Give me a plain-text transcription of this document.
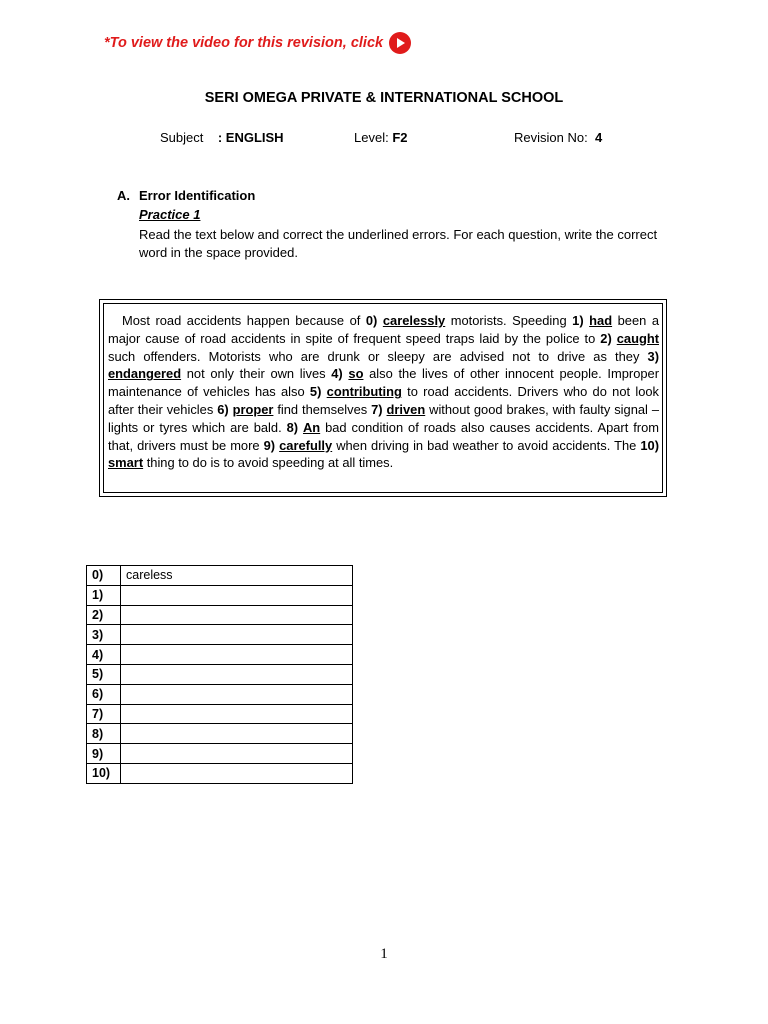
*To view the video for this revision, click
SERI OMEGA PRIVATE & INTERNATIONAL SCHOOL
Subject : ENGLISH	Level: F2	Revision No: 4
A. Error Identification
Practice 1
Read the text below and correct the underlined errors. For each question, write the correct word in the space provided.
Most road accidents happen because of 0) carelessly motorists. Speeding 1) had been a major cause of road accidents in spite of frequent speed traps laid by the police to 2) caught such offenders. Motorists who are drunk or sleepy are advised not to drive as they 3) endangered not only their own lives 4) so also the lives of other innocent people. Improper maintenance of vehicles has also 5) contributing to road accidents. Drivers who do not look after their vehicles 6) proper find themselves 7) driven without good brakes, with faulty signal – lights or tyres which are bald. 8) An bad condition of roads also causes accidents. Apart from that, drivers must be more 9) carefully when driving in bad weather to avoid accidents. The 10) smart thing to do is to avoid speeding at all times.
0)	careless
1)	
2)	
3)	
4)	
5)	
6)	
7)	
8)	
9)	
10)	
1
